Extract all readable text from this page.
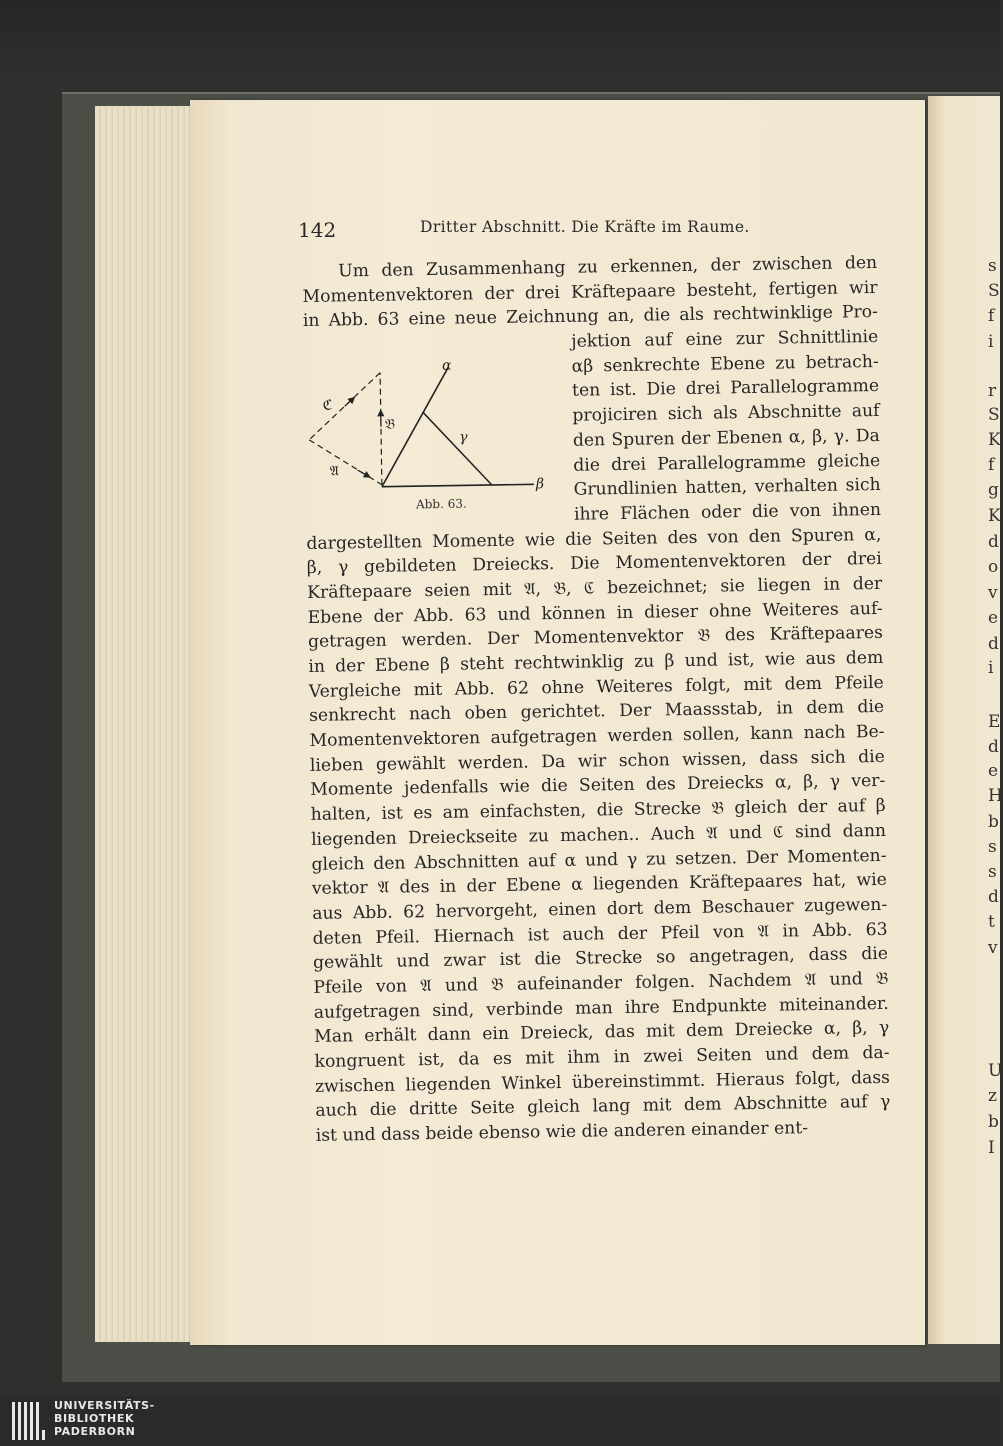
142	Dritter Abschnitt. Die Kräfte im Raume.
Um den Zusammenhang zu erkennen, der zwischen den
Momentenvektoren der drei Kräftepaare besteht, fertigen wir
in Abb. 63 eine neue Zeichnung an, die als rechtwinklige Pro-
jektion auf eine zur Schnittlinie
αβ senkrechte Ebene zu betrach-
ten ist. Die drei Parallelogramme
projiciren sich als Abschnitte auf
den Spuren der Ebenen α, β, γ. Da
die drei Parallelogramme gleiche
Grundlinien hatten, verhalten sich
ihre Flächen oder die von ihnen
dargestellten Momente wie die Seiten des von den Spuren α,
β, γ gebildeten Dreiecks. Die Momentenvektoren der drei
Kräftepaare seien mit 𝔄, 𝔅, ℭ bezeichnet; sie liegen in der
Ebene der Abb. 63 und können in dieser ohne Weiteres auf-
getragen werden. Der Momentenvektor 𝔅 des Kräftepaares
in der Ebene β steht rechtwinklig zu β und ist, wie aus dem
Vergleiche mit Abb. 62 ohne Weiteres folgt, mit dem Pfeile
senkrecht nach oben gerichtet. Der Maassstab, in dem die
Momentenvektoren aufgetragen werden sollen, kann nach Be-
lieben gewählt werden. Da wir schon wissen, dass sich die
Momente jedenfalls wie die Seiten des Dreiecks α, β, γ ver-
halten, ist es am einfachsten, die Strecke 𝔅 gleich der auf β
liegenden Dreieckseite zu machen.. Auch 𝔄 und ℭ sind dann
gleich den Abschnitten auf α und γ zu setzen. Der Momenten-
vektor 𝔄 des in der Ebene α liegenden Kräftepaares hat, wie
aus Abb. 62 hervorgeht, einen dort dem Beschauer zugewen-
deten Pfeil. Hiernach ist auch der Pfeil von 𝔄 in Abb. 63
gewählt und zwar ist die Strecke so angetragen, dass die
Pfeile von 𝔄 und 𝔅 aufeinander folgen. Nachdem 𝔄 und 𝔅
aufgetragen sind, verbinde man ihre Endpunkte miteinander.
Man erhält dann ein Dreieck, das mit dem Dreiecke α, β, γ
kongruent ist, da es mit ihm in zwei Seiten und dem da-
zwischen liegenden Winkel übereinstimmt. Hieraus folgt, dass
auch die dritte Seite gleich lang mit dem Abschnitte auf γ
ist und dass beide ebenso wie die anderen einander ent-
α
β
γ
𝔅
ℭ
𝔄
Abb. 63.
s
S
f
i
r
S
K
f
g
K
d
o
v
e
d
i
E
d
e
H
b
s
s
d
t
v
U
z
b
I
UNIVERSITÄTS-
BIBLIOTHEK
PADERBORN
